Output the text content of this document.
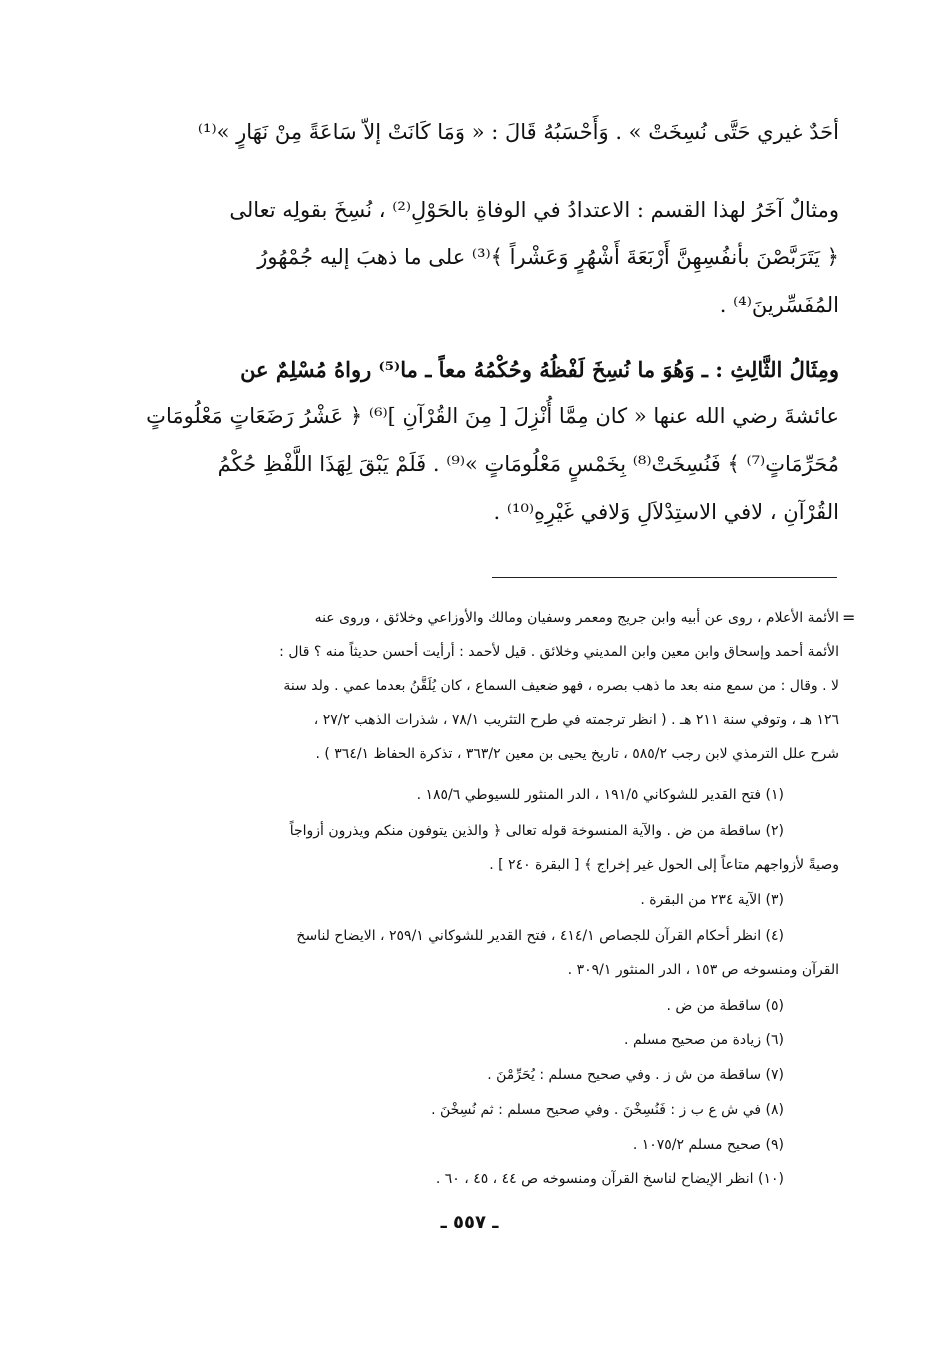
أحَدٌ غيري حَتَّى نُسِخَتْ » . وَأَحْسَبُهُ قَالَ : « وَمَا كَانَتْ إلاّ سَاعَةً مِنْ نَهَارٍ »⁽¹⁾
ومثالٌ آخَرُ لهذا القسم : الاعتدادُ في الوفاةِ بالحَوْلِ⁽²⁾ ، نُسِخَ بقولِه تعالى
﴿ يَتَرَبَّصْنَ بأنفُسِهِنَّ أَرْبَعَةَ أَشْهُرٍ وَعَشْراً ﴾⁽³⁾ على ما ذهبَ إليه جُمْهُورُ
المُفَسِّرينَ⁽⁴⁾ .
ومِثَالُ الثَّالِثِ : ـ وَهُوَ ما نُسِخَ لَفْظُهُ وحُكْمُهُ معاً ـ ما⁽⁵⁾ رواهُ مُسْلِمٌ عن
عائشةَ رضي الله عنها « كان مِمَّا أُنْزِلَ [ مِنَ القُرْآنِ ]⁽⁶⁾ ﴿ عَشْرُ رَضَعَاتٍ مَعْلُومَاتٍ
مُحَرِّمَاتٍ⁽⁷⁾ ﴾ فَنُسِخَتْ⁽⁸⁾ بِخَمْسٍ مَعْلُومَاتٍ »⁽⁹⁾ . فَلَمْ يَبْقَ لِهَذَا اللَّفْظِ حُكْمُ
القُرْآنِ ، لافي الاستِدْلاَلِ وَلافي غَيْرِهِ⁽¹⁰⁾ .
=
الأئمة الأعلام ، روى عن أبيه وابن جريج ومعمر وسفيان ومالك والأوزاعي وخلائق ، وروى عنه
الأئمة أحمد وإسحاق وابن معين وابن المديني وخلائق . قيل لأحمد : أرأيت أحسن حديثاً منه ؟ قال :
لا . وقال : من سمع منه بعد ما ذهب بصره ، فهو ضعيف السماع ، كان يُلَقَّنُ بعدما عمي . ولد سنة
١٢٦ هـ ، وتوفي سنة ٢١١ هـ . ( انظر ترجمته في طرح التثريب ٧٨/١ ، شذرات الذهب ٢٧/٢ ،
شرح علل الترمذي لابن رجب ٥٨٥/٢ ، تاريخ يحيى بن معين ٣٦٣/٢ ، تذكرة الحفاظ ٣٦٤/١ ) .
(١) فتح القدير للشوكاني ١٩١/٥ ، الدر المنثور للسيوطي ١٨٥/٦ .
(٢) ساقطة من ض . والآية المنسوخة قوله تعالى ﴿ والذين يتوفون منكم ويذرون أزواجاً
وصيةً لأزواجهم متاعاً إلى الحول غير إخراج ﴾ [ البقرة ٢٤٠ ] .
(٣) الآية ٢٣٤ من البقرة .
(٤) انظر أحكام القرآن للجصاص ٤١٤/١ ، فتح القدير للشوكاني ٢٥٩/١ ، الايضاح لناسخ
القرآن ومنسوخه ص ١٥٣ ، الدر المنثور ٣٠٩/١ .
(٥) ساقطة من ض .
(٦) زيادة من صحيح مسلم .
(٧) ساقطة من ش ز . وفي صحيح مسلم : يُحَرِّمْنَ .
(٨) في ش ع ب ز : فَنُسِخْنَ . وفي صحيح مسلم : ثم نُسِخْنَ .
(٩) صحيح مسلم ١٠٧٥/٢ .
(١٠) انظر الإيضاح لناسخ القرآن ومنسوخه ص ٤٤ ، ٤٥ ، ٦٠ .
ـ ٥٥٧ ـ
